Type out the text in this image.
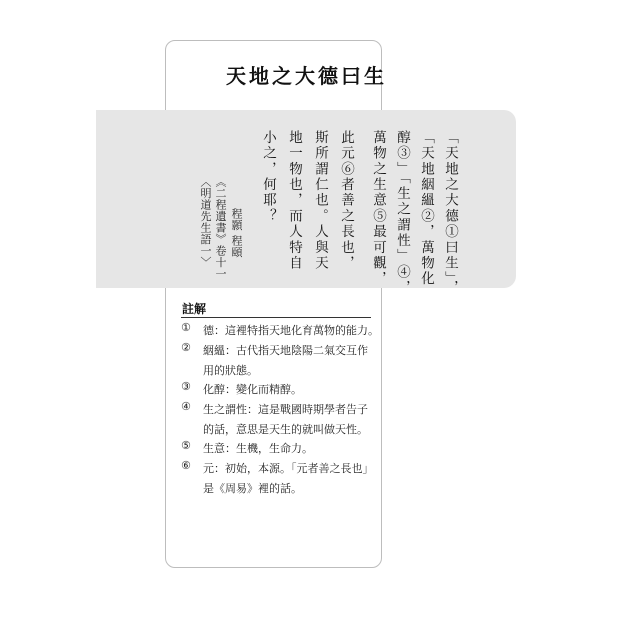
天地之大德曰生
「天地之大德①曰生」，
「天地絪縕②，萬物化
醇③」「生之謂性」④，
萬物之生意⑤最可觀，
此元⑥者善之長也，
斯所謂仁也。人與天
地一物也，而人特自
小之，何耶？
程顥 程頤
《二程遺書》卷十一
〈明道先生語一〉
註解
①	德：這裡特指天地化育萬物的能力。
②	絪縕：古代指天地陰陽二氣交互作用的狀態。
③	化醇：變化而精醇。
④	生之謂性：這是戰國時期學者告子的話，意思是天生的就叫做天性。
⑤	生意：生機，生命力。
⑥	元：初始，本源。「元者善之長也」是《周易》裡的話。
